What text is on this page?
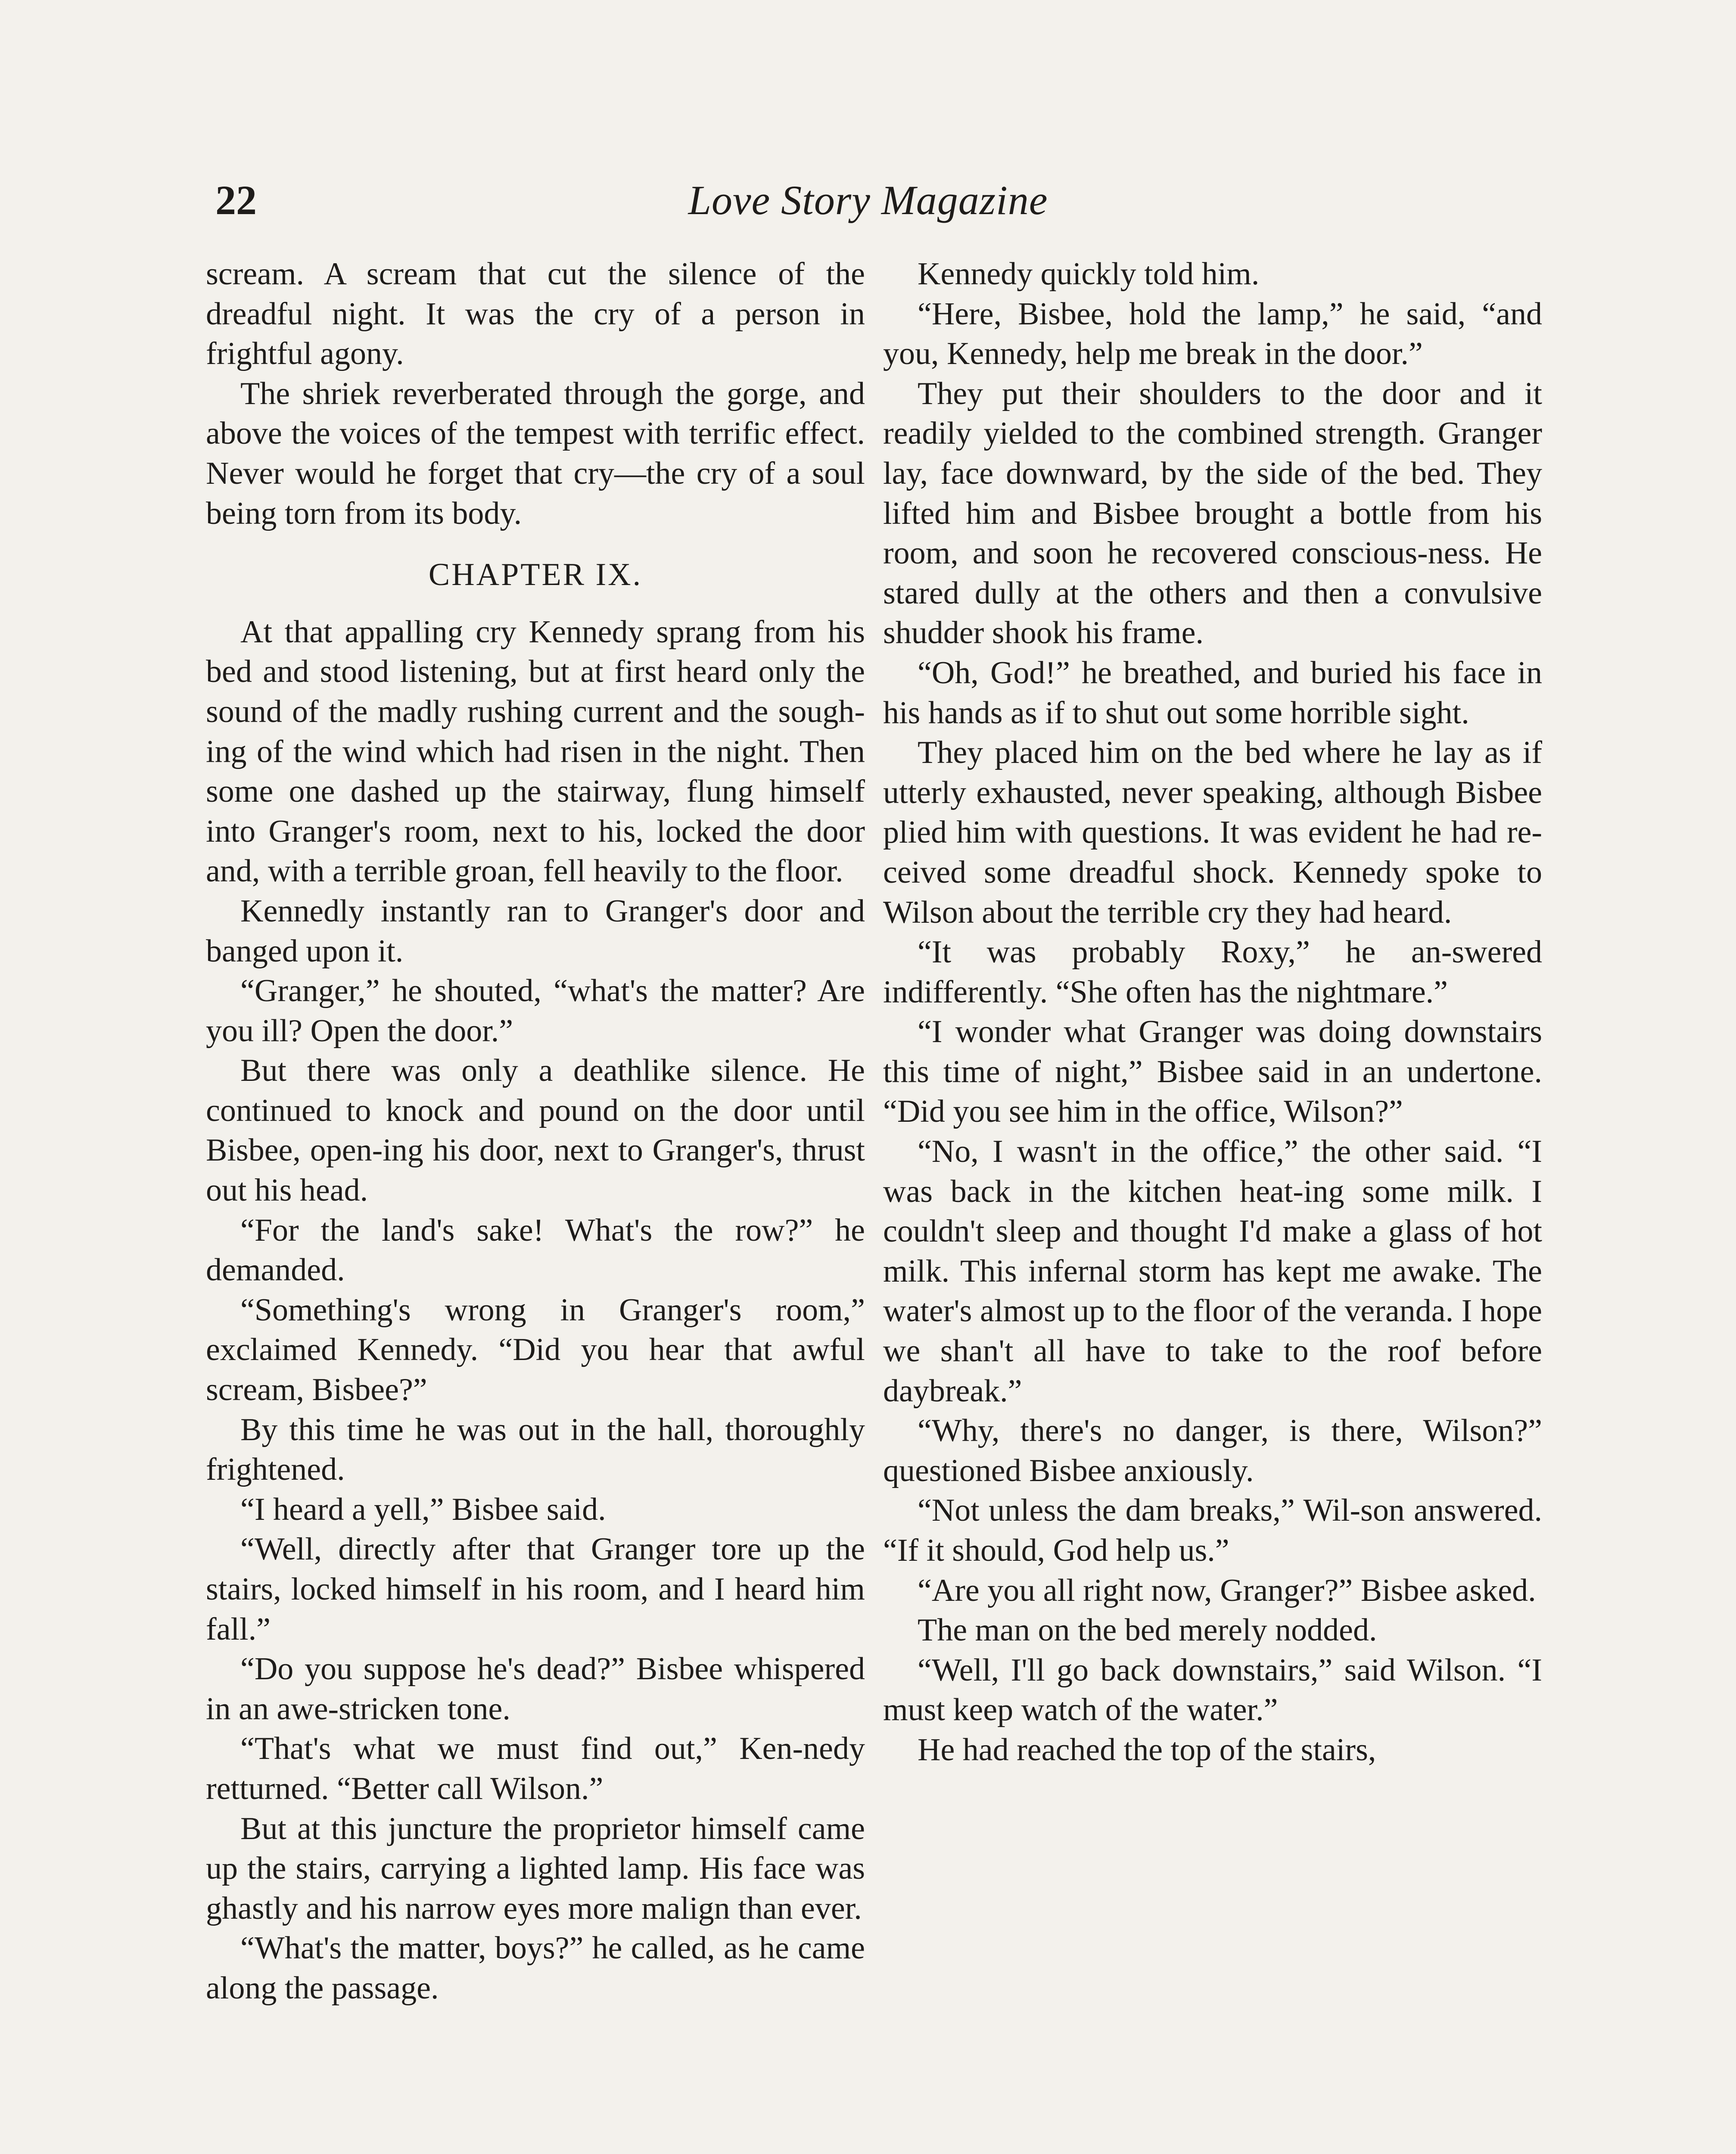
22	Love Story Magazine

scream. A scream that cut the silence of the dreadful night. It was the cry of a person in frightful agony.

The shriek reverberated through the gorge, and above the voices of the tempest with terrific effect. Never would he forget that cry—the cry of a soul being torn from its body.

CHAPTER IX.

At that appalling cry Kennedy sprang from his bed and stood listening, but at first heard only the sound of the madly rushing current and the sough-ing of the wind which had risen in the night. Then some one dashed up the stairway, flung himself into Granger's room, next to his, locked the door and, with a terrible groan, fell heavily to the floor.

Kennedly instantly ran to Granger's door and banged upon it.

“Granger,” he shouted, “what's the matter? Are you ill? Open the door.”

But there was only a deathlike silence. He continued to knock and pound on the door until Bisbee, open-ing his door, next to Granger's, thrust out his head.

“For the land's sake! What's the row?” he demanded.

“Something's wrong in Granger's room,” exclaimed Kennedy. “Did you hear that awful scream, Bisbee?”

By this time he was out in the hall, thoroughly frightened.

“I heard a yell,” Bisbee said.

“Well, directly after that Granger tore up the stairs, locked himself in his room, and I heard him fall.”

“Do you suppose he's dead?” Bisbee whispered in an awe-stricken tone.

“That's what we must find out,” Ken-nedy retturned. “Better call Wilson.”

But at this juncture the proprietor himself came up the stairs, carrying a lighted lamp. His face was ghastly and his narrow eyes more malign than ever.

“What's the matter, boys?” he called, as he came along the passage.

Kennedy quickly told him.

“Here, Bisbee, hold the lamp,” he said, “and you, Kennedy, help me break in the door.”

They put their shoulders to the door and it readily yielded to the combined strength. Granger lay, face downward, by the side of the bed. They lifted him and Bisbee brought a bottle from his room, and soon he recovered conscious-ness. He stared dully at the others and then a convulsive shudder shook his frame.

“Oh, God!” he breathed, and buried his face in his hands as if to shut out some horrible sight.

They placed him on the bed where he lay as if utterly exhausted, never speaking, although Bisbee plied him with questions. It was evident he had re-ceived some dreadful shock. Kennedy spoke to Wilson about the terrible cry they had heard.

“It was probably Roxy,” he an-swered indifferently. “She often has the nightmare.”

“I wonder what Granger was doing downstairs this time of night,” Bisbee said in an undertone. “Did you see him in the office, Wilson?”

“No, I wasn't in the office,” the other said. “I was back in the kitchen heat-ing some milk. I couldn't sleep and thought I'd make a glass of hot milk. This infernal storm has kept me awake. The water's almost up to the floor of the veranda. I hope we shan't all have to take to the roof before daybreak.”

“Why, there's no danger, is there, Wilson?” questioned Bisbee anxiously.

“Not unless the dam breaks,” Wil-son answered. “If it should, God help us.”

“Are you all right now, Granger?” Bisbee asked.

The man on the bed merely nodded.

“Well, I'll go back downstairs,” said Wilson. “I must keep watch of the water.”

He had reached the top of the stairs,
